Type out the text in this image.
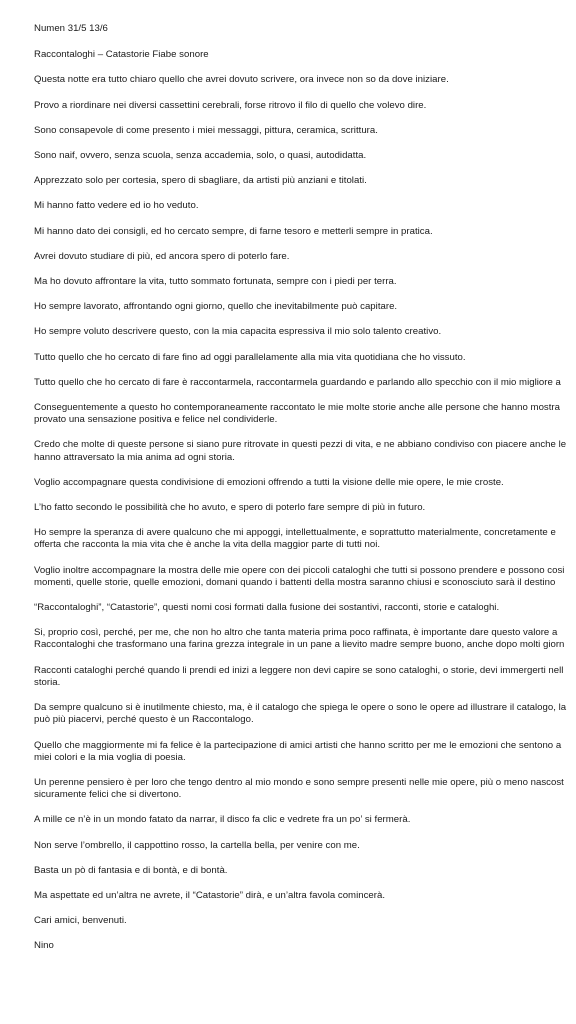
Numen 31/5 13/6
Raccontaloghi – Catastorie Fiabe sonore
Questa notte era tutto chiaro quello che avrei dovuto scrivere, ora invece non so da dove iniziare.
Provo a riordinare nei diversi cassettini cerebrali, forse ritrovo il filo di quello che volevo dire.
Sono consapevole di come presento i miei messaggi, pittura, ceramica, scrittura.
Sono naif, ovvero, senza scuola, senza accademia, solo, o quasi, autodidatta.
Apprezzato solo per cortesia, spero di sbagliare, da artisti più anziani e titolati.
Mi hanno fatto vedere ed io ho veduto.
Mi hanno dato dei consigli, ed ho cercato sempre, di farne tesoro e metterli sempre in pratica.
Avrei dovuto studiare di più, ed ancora spero di poterlo fare.
Ma ho dovuto affrontare la vita, tutto sommato fortunata, sempre con i piedi per terra.
Ho sempre lavorato, affrontando ogni giorno, quello che inevitabilmente può capitare.
Ho sempre voluto descrivere questo, con la mia capacita espressiva il mio solo talento creativo.
Tutto quello che ho cercato di fare fino ad oggi parallelamente alla mia vita quotidiana che ho vissuto.
Tutto quello che ho cercato di fare è raccontarmela, raccontarmela guardando e parlando allo specchio con il mio migliore a
Conseguentemente a questo ho contemporaneamente raccontato le mie molte storie anche alle persone che hanno mostra
provato una sensazione positiva e felice nel condividerle.
Credo che molte di queste persone si siano pure ritrovate in questi pezzi di vita, e ne abbiano condiviso con piacere anche le
hanno attraversato la mia anima ad ogni storia.
Voglio accompagnare questa condivisione di emozioni offrendo a tutti la visione delle mie opere, le mie croste.
L’ho fatto secondo le possibilità che ho avuto, e spero di poterlo fare sempre di più in futuro.
Ho sempre la speranza di avere qualcuno che mi appoggi, intellettualmente, e soprattutto materialmente, concretamente e
offerta che racconta la mia vita che è anche la vita della maggior parte di tutti noi.
Voglio inoltre accompagnare la mostra delle mie opere con dei piccoli cataloghi che tutti si possono prendere e possono cosi
momenti, quelle storie, quelle emozioni, domani quando i battenti della mostra saranno chiusi e sconosciuto sarà il destino
“Raccontaloghi”, “Catastorie”, questi nomi cosi formati dalla fusione dei sostantivi, racconti, storie e cataloghi.
Si, proprio così, perché, per me, che non ho altro che tanta materia prima poco raffinata, è importante dare questo valore a
Raccontaloghi che trasformano una farina grezza integrale in un pane a lievito madre sempre buono, anche dopo molti giorn
Racconti cataloghi perché quando li prendi ed inizi a leggere non devi capire se sono cataloghi, o storie, devi immergerti nell
storia.
Da sempre qualcuno si è inutilmente chiesto, ma, è il catalogo che spiega le opere o sono le opere ad illustrare il catalogo, la
può più piacervi, perché questo è un Raccontalogo.
Quello che maggiormente mi fa felice è la partecipazione di amici artisti che hanno scritto per me le emozioni che sentono a
miei colori e la mia voglia di poesia.
Un perenne pensiero è per loro che tengo dentro al mio mondo e sono sempre presenti nelle mie opere, più o meno nascost
sicuramente felici che si divertono.
A mille ce n’è in un mondo fatato da narrar, il disco fa clic e vedrete fra un po’ si fermerà.
Non serve l’ombrello, il cappottino rosso, la cartella bella, per venire con me.
Basta un pò di fantasia e di bontà, e di bontà.
Ma aspettate ed un’altra ne avrete, il “Catastorie” dirà, e un’altra favola comincerà.
Cari amici, benvenuti.
Nino
